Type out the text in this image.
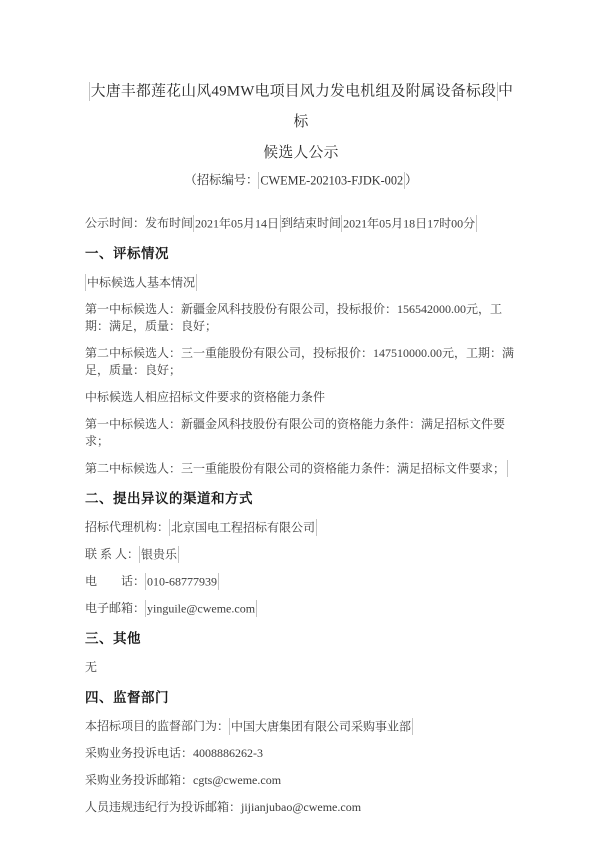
大唐丰都莲花山风49MW电项目风力发电机组及附属设备标段 中标
候选人公示

（招标编号： CWEME-202103-FJDK-002 ）

公示时间：发布时间 2021年05月14日 到结束时间 2021年05月18日17时00分

一、评标情况

中标候选人基本情况

第一中标候选人：新疆金风科技股份有限公司，投标报价：156542000.00元，工期：满足，质量：良好；

第二中标候选人：三一重能股份有限公司，投标报价：147510000.00元，工期：满足，质量：良好；

中标候选人相应招标文件要求的资格能力条件

第一中标候选人：新疆金风科技股份有限公司的资格能力条件：满足招标文件要求；

第二中标候选人：三一重能股份有限公司的资格能力条件：满足招标文件要求；

二、提出异议的渠道和方式

招标代理机构： 北京国电工程招标有限公司

联 系 人： 银贵乐

电　　话： 010-68777939

电子邮箱： yinguile@cweme.com

三、其他

无

四、监督部门

本招标项目的监督部门为： 中国大唐集团有限公司采购事业部

采购业务投诉电话：4008886262-3

采购业务投诉邮箱：cgts@cweme.com

人员违规违纪行为投诉邮箱：jijianjubao@cweme.com
